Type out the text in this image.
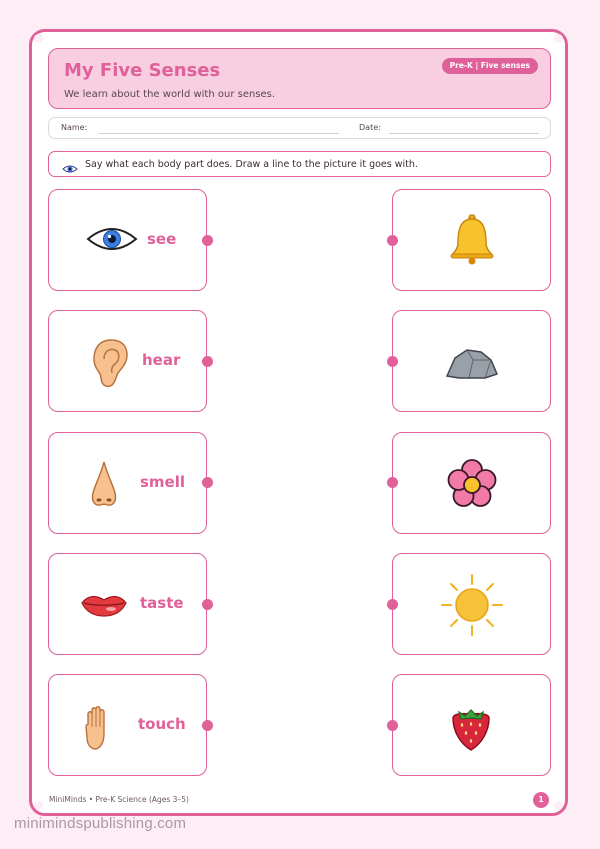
My Five Senses
We learn about the world with our senses.
Pre-K | Five senses
Name:	Date:
Say what each body part does. Draw a line to the picture it goes with.
see
hear
smell
taste
touch
MiniMinds • Pre-K Science (Ages 3–5)	1
minimindspublishing.com
